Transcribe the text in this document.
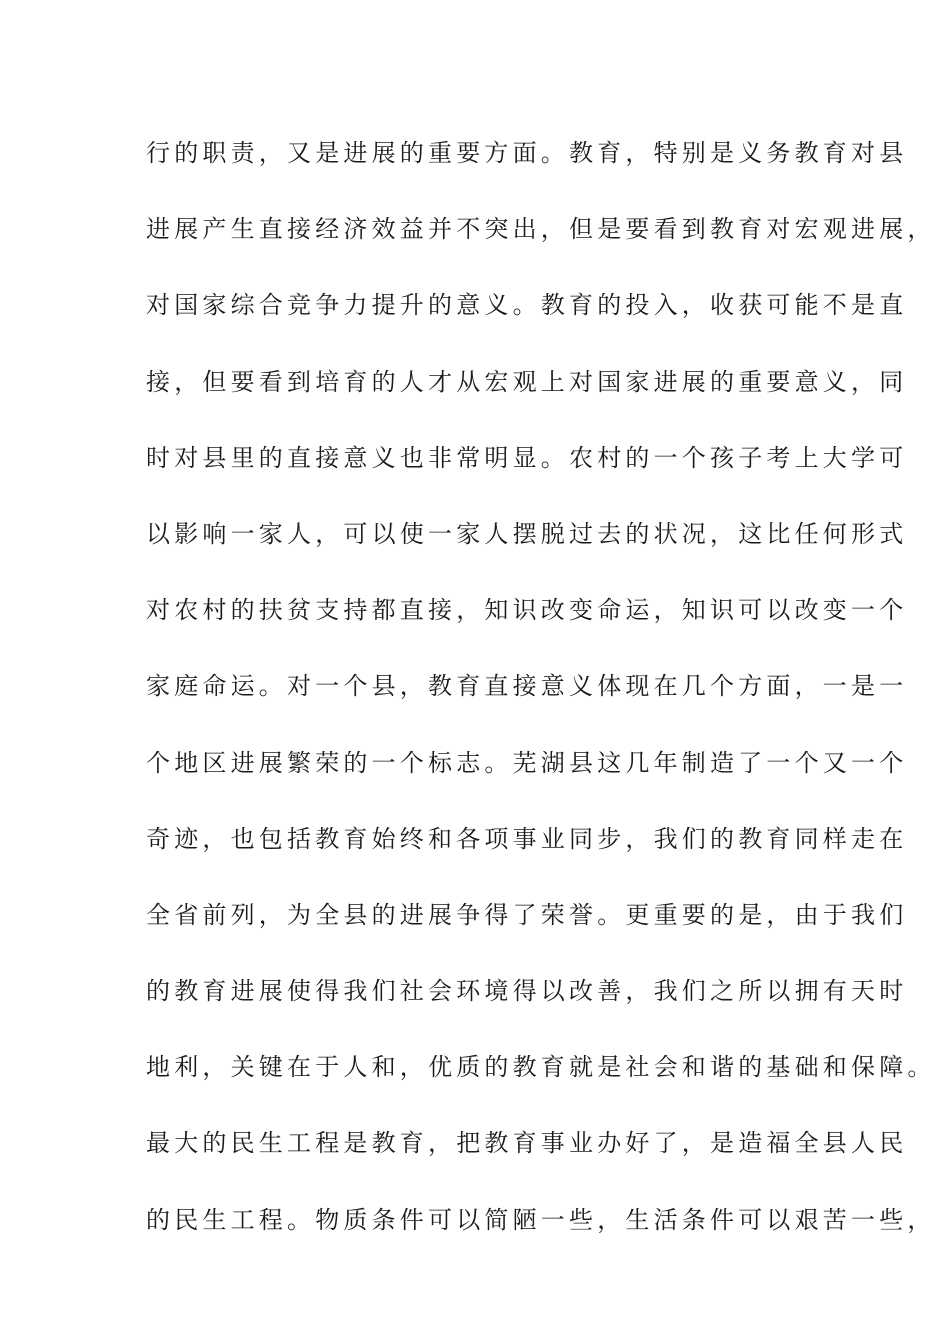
行的职责，又是进展的重要方面。教育，特别是义务教育对县
进展产生直接经济效益并不突出，但是要看到教育对宏观进展，
对国家综合竞争力提升的意义。教育的投入，收获可能不是直
接，但要看到培育的人才从宏观上对国家进展的重要意义，同
时对县里的直接意义也非常明显。农村的一个孩子考上大学可
以影响一家人，可以使一家人摆脱过去的状况，这比任何形式
对农村的扶贫支持都直接，知识改变命运，知识可以改变一个
家庭命运。对一个县，教育直接意义体现在几个方面，一是一
个地区进展繁荣的一个标志。芜湖县这几年制造了一个又一个
奇迹，也包括教育始终和各项事业同步，我们的教育同样走在
全省前列，为全县的进展争得了荣誉。更重要的是，由于我们
的教育进展使得我们社会环境得以改善，我们之所以拥有天时
地利，关键在于人和，优质的教育就是社会和谐的基础和保障。
最大的民生工程是教育，把教育事业办好了，是造福全县人民
的民生工程。物质条件可以简陋一些，生活条件可以艰苦一些，
